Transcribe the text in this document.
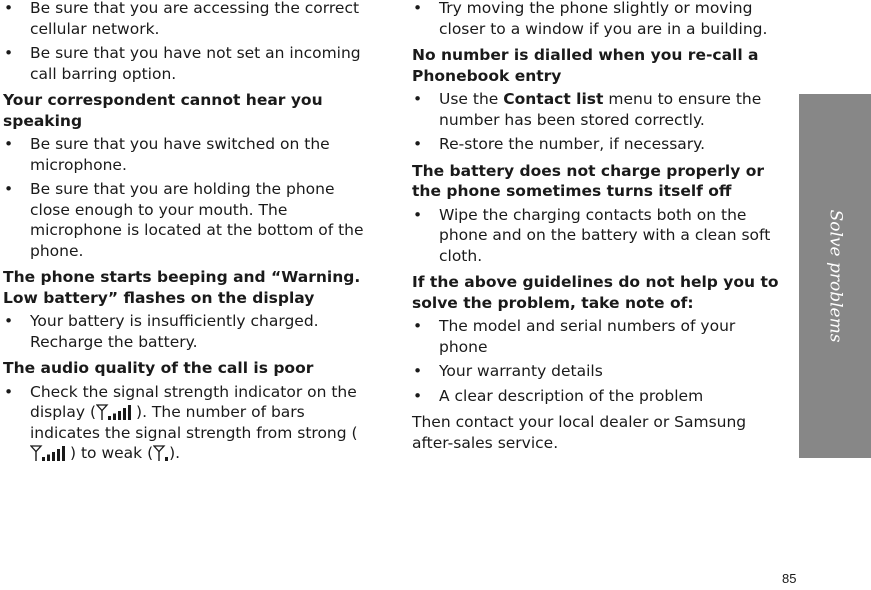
• Be sure that you are accessing the correct cellular network.
• Be sure that you have not set an incoming call barring option.
Your correspondent cannot hear you speaking
• Be sure that you have switched on the microphone.
• Be sure that you are holding the phone close enough to your mouth. The microphone is located at the bottom of the phone.
The phone starts beeping and “Warning. Low battery” flashes on the display
• Your battery is insufficiently charged. Recharge the battery.
The audio quality of the call is poor
• Check the signal strength indicator on the display (	). The number of bars indicates the signal strength from strong () to weak ( ).
• Try moving the phone slightly or moving closer to a window if you are in a building.
No number is dialled when you re-call a Phonebook entry
• Use the Contact list menu to ensure the number has been stored correctly.
• Re-store the number, if necessary.
The battery does not charge properly or the phone sometimes turns itself off
• Wipe the charging contacts both on the phone and on the battery with a clean soft cloth.
If the above guidelines do not help you to solve the problem, take note of:
• The model and serial numbers of your phone
• Your warranty details
• A clear description of the problem

Then contact your local dealer or Samsung after-sales service.

Solve problems
85
